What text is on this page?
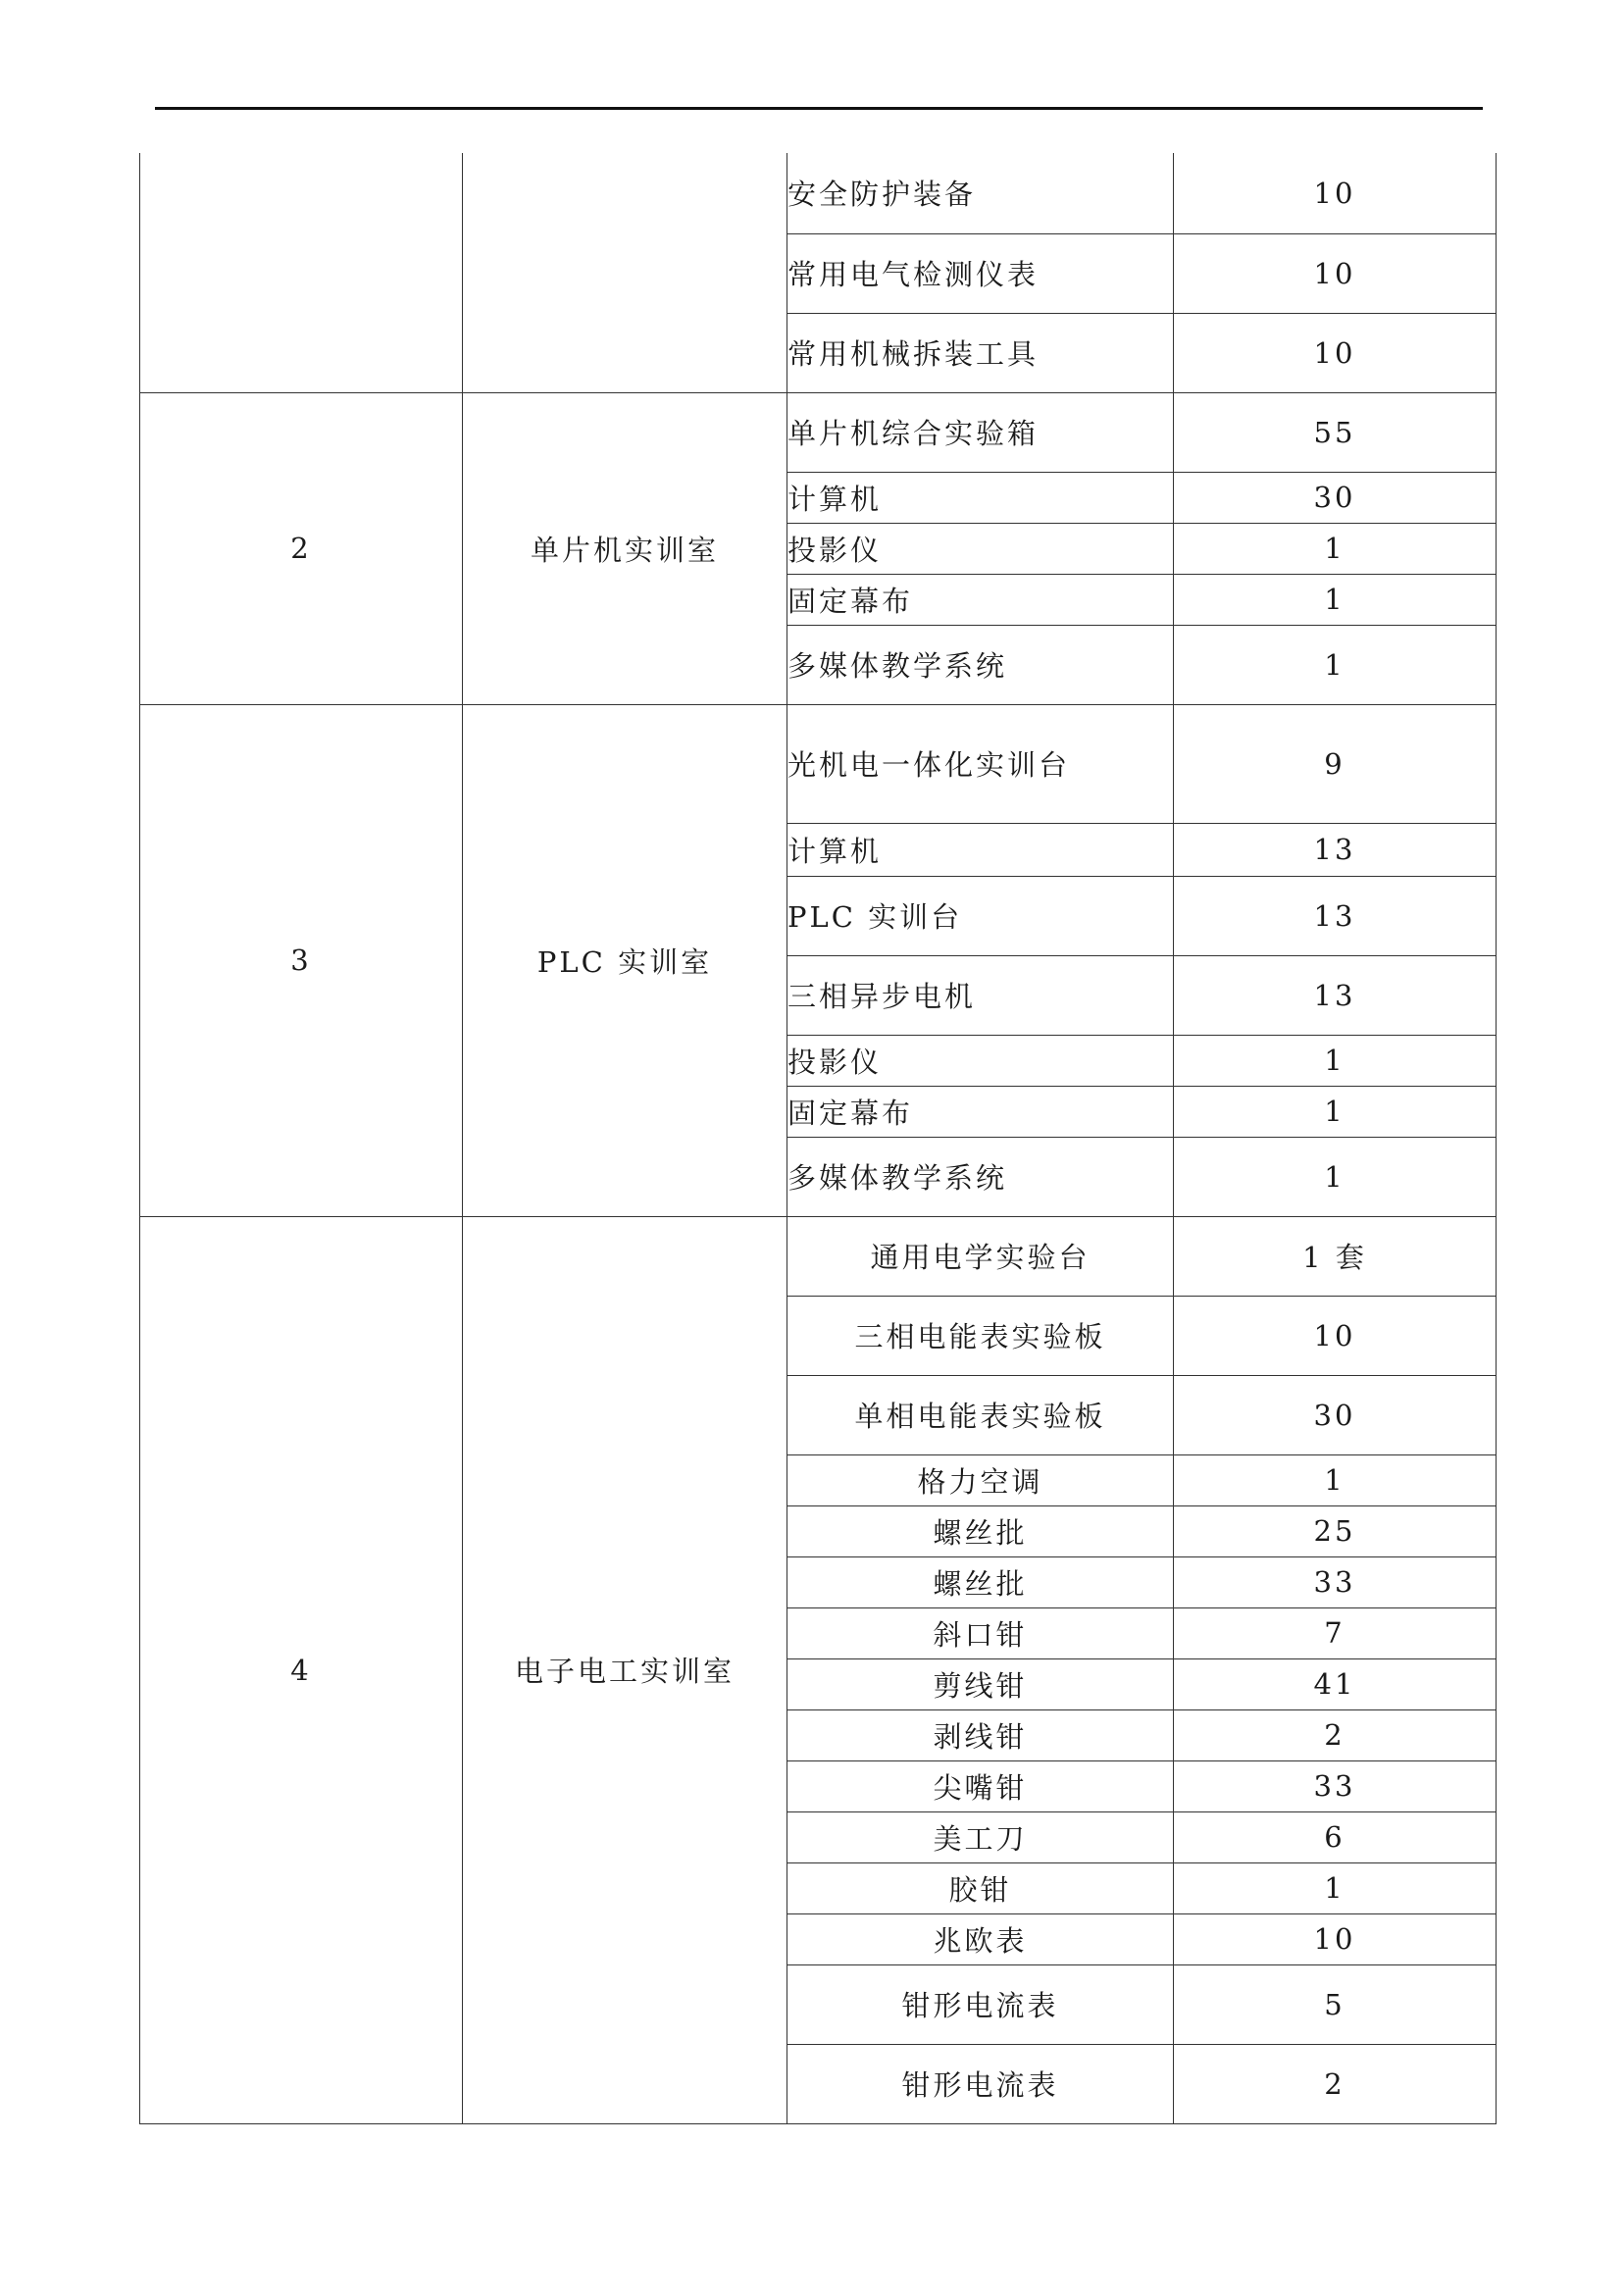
		安全防护装备	10
		常用电气检测仪表	10
		常用机械拆装工具	10
2	单片机实训室	单片机综合实验箱	55
		计算机	30
		投影仪	1
		固定幕布	1
		多媒体教学系统	1
3	PLC 实训室	光机电一体化实训台	9
		计算机	13
		PLC 实训台	13
		三相异步电机	13
		投影仪	1
		固定幕布	1
		多媒体教学系统	1
4	电子电工实训室	通用电学实验台	1 套
		三相电能表实验板	10
		单相电能表实验板	30
		格力空调	1
		螺丝批	25
		螺丝批	33
		斜口钳	7
		剪线钳	41
		剥线钳	2
		尖嘴钳	33
		美工刀	6
		胶钳	1
		兆欧表	10
		钳形电流表	5
		钳形电流表	2
